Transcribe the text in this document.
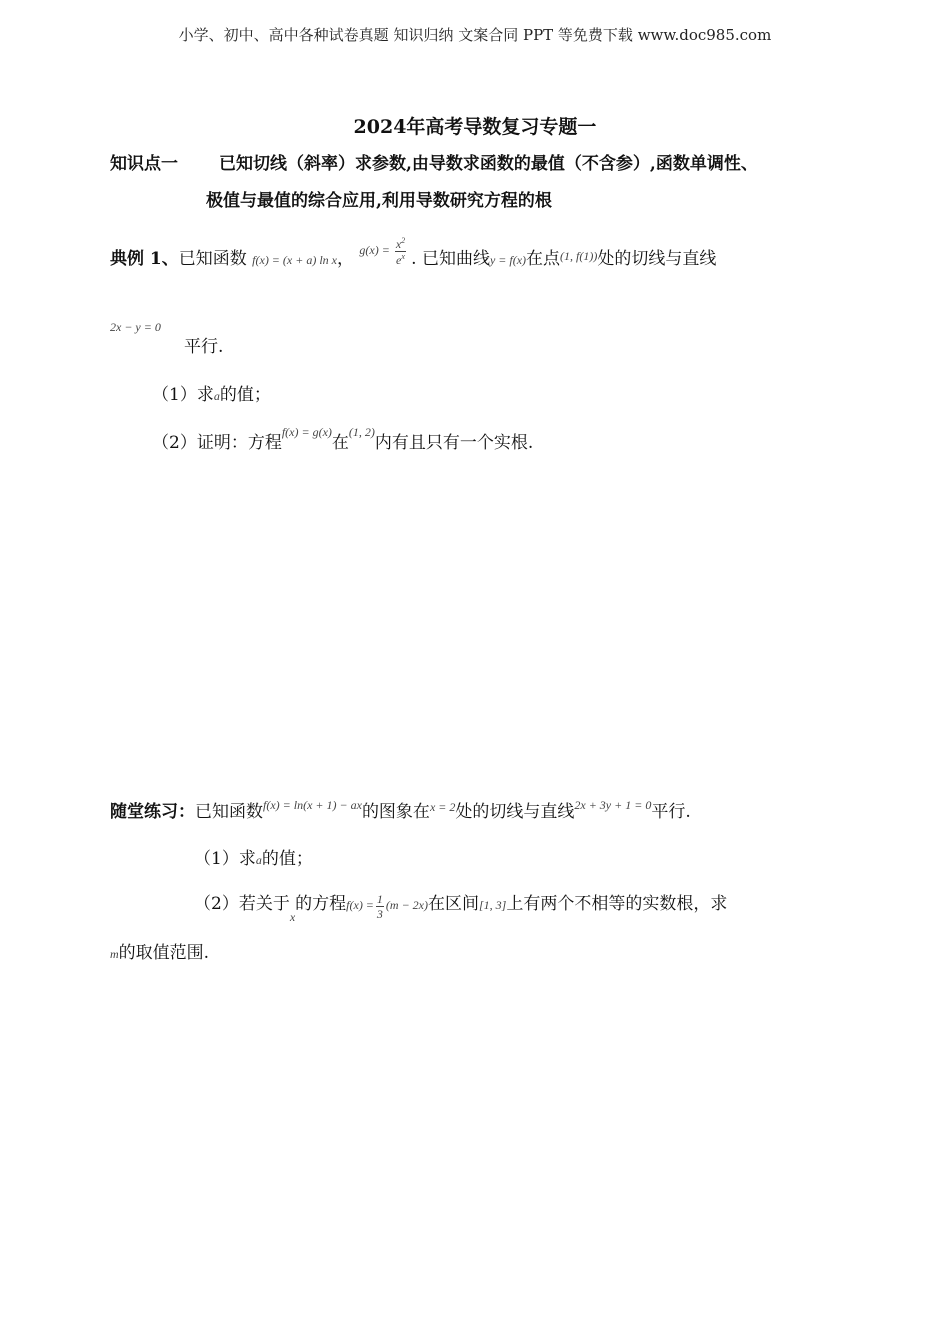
小学、初中、高中各种试卷真题 知识归纳 文案合同 PPT 等免费下载 www.doc985.com
2024年高考导数复习专题一
知识点一 已知切线（斜率）求参数,由导数求函数的最值（不含参）,函数单调性、
极值与最值的综合应用,利用导数研究方程的根
典例 1、已知函数 f(x) = (x + a) ln x， $^{g(x) = \frac{x^2}{e^x}}$ . 已知曲线y = f(x)在点$^{(1, f(1))}$处的切线与直线
2x − y = 0
平行.
（1）求a的值；
（2）证明：方程$^{f(x) = g(x)}$在$^{(1, 2)}$内有且只有一个实根.
随堂练习：已知函数$^{f(x) = ln(x + 1) - ax}$的图象在$^{x = 2}$处的切线与直线$^{2x + 3y + 1 = 0}$平行.
（1）求a的值；
（2）若关于$_x$的方程$f(x) = \frac{1}{3} (m - 2x)$在区间[1, 3]上有两个不相等的实数根，求
m的取值范围.
